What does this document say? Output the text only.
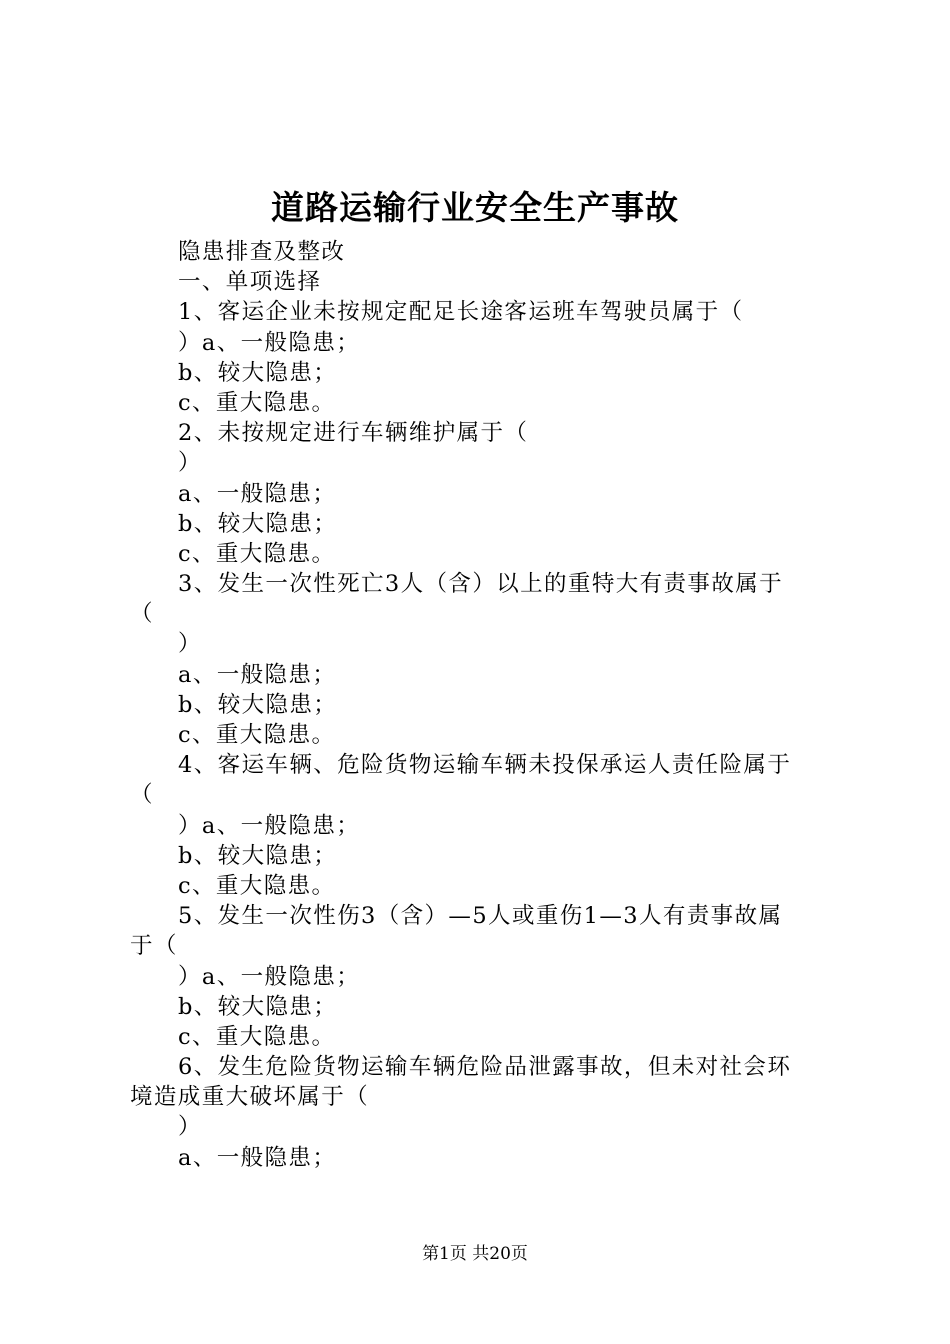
道路运输行业安全生产事故
隐患排查及整改
一、单项选择
1、客运企业未按规定配足长途客运班车驾驶员属于（
）a、一般隐患；
b、较大隐患；
c、重大隐患。
2、未按规定进行车辆维护属于（
）
a、一般隐患；
b、较大隐患；
c、重大隐患。
3、发生一次性死亡3人（含）以上的重特大有责事故属于
（
）
a、一般隐患；
b、较大隐患；
c、重大隐患。
4、客运车辆、危险货物运输车辆未投保承运人责任险属于
（
）a、一般隐患；
b、较大隐患；
c、重大隐患。
5、发生一次性伤3（含）—5人或重伤1—3人有责事故属
于（
）a、一般隐患；
b、较大隐患；
c、重大隐患。
6、发生危险货物运输车辆危险品泄露事故，但未对社会环
境造成重大破坏属于（
）
a、一般隐患；
第1页 共20页
